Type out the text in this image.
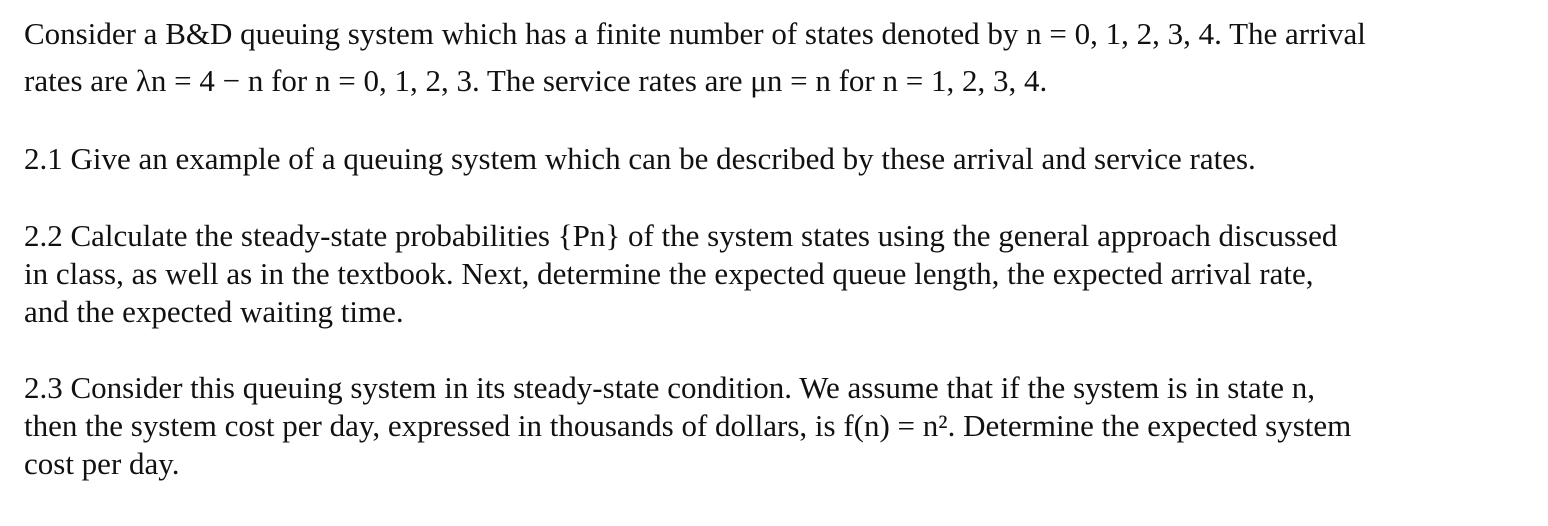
Consider a B&D queuing system which has a finite number of states denoted by n = 0, 1, 2, 3, 4. The arrival
rates are λn = 4 − n for n = 0, 1, 2, 3. The service rates are μn = n for n = 1, 2, 3, 4.
2.1 Give an example of a queuing system which can be described by these arrival and service rates.
2.2 Calculate the steady-state probabilities {Pn} of the system states using the general approach discussed
in class, as well as in the textbook. Next, determine the expected queue length, the expected arrival rate,
and the expected waiting time.
2.3 Consider this queuing system in its steady-state condition. We assume that if the system is in state n,
then the system cost per day, expressed in thousands of dollars, is f(n) = n². Determine the expected system
cost per day.
